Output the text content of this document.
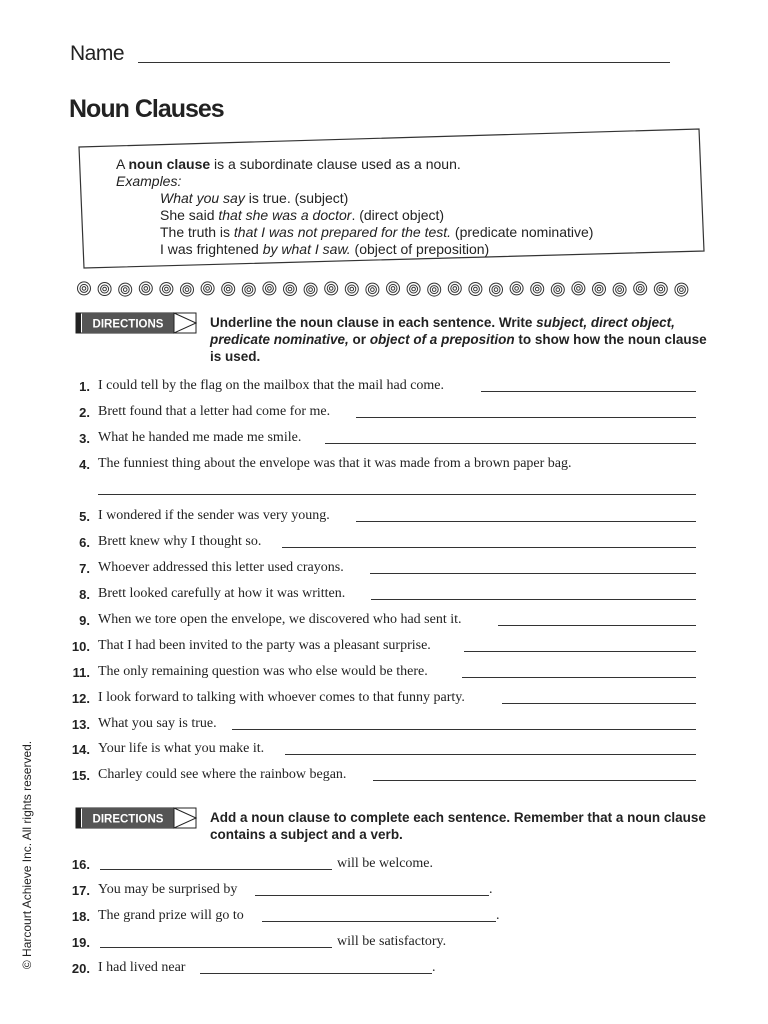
Name
Noun Clauses
A noun clause is a subordinate clause used as a noun.
Examples:
What you say is true. (subject)
She said that she was a doctor. (direct object)
The truth is that I was not prepared for the test. (predicate nominative)
I was frightened by what I saw. (object of preposition)
DIRECTIONS	Underline the noun clause in each sentence. Write subject, direct object,
predicate nominative, or object of a preposition to show how the noun clause
is used.
1. I could tell by the flag on the mailbox that the mail had come.
2. Brett found that a letter had come for me.
3. What he handed me made me smile.
4. The funniest thing about the envelope was that it was made from a brown paper bag.
5. I wondered if the sender was very young.
6. Brett knew why I thought so.
7. Whoever addressed this letter used crayons.
8. Brett looked carefully at how it was written.
9. When we tore open the envelope, we discovered who had sent it.
10. That I had been invited to the party was a pleasant surprise.
11. The only remaining question was who else would be there.
12. I look forward to talking with whoever comes to that funny party.
13. What you say is true.
14. Your life is what you make it.
15. Charley could see where the rainbow began.
DIRECTIONS	Add a noun clause to complete each sentence. Remember that a noun clause
contains a subject and a verb.
16.	will be welcome.
17. You may be surprised by	.
18. The grand prize will go to	.
19.	will be satisfactory.
20. I had lived near	.
© Harcourt Achieve Inc. All rights reserved.
